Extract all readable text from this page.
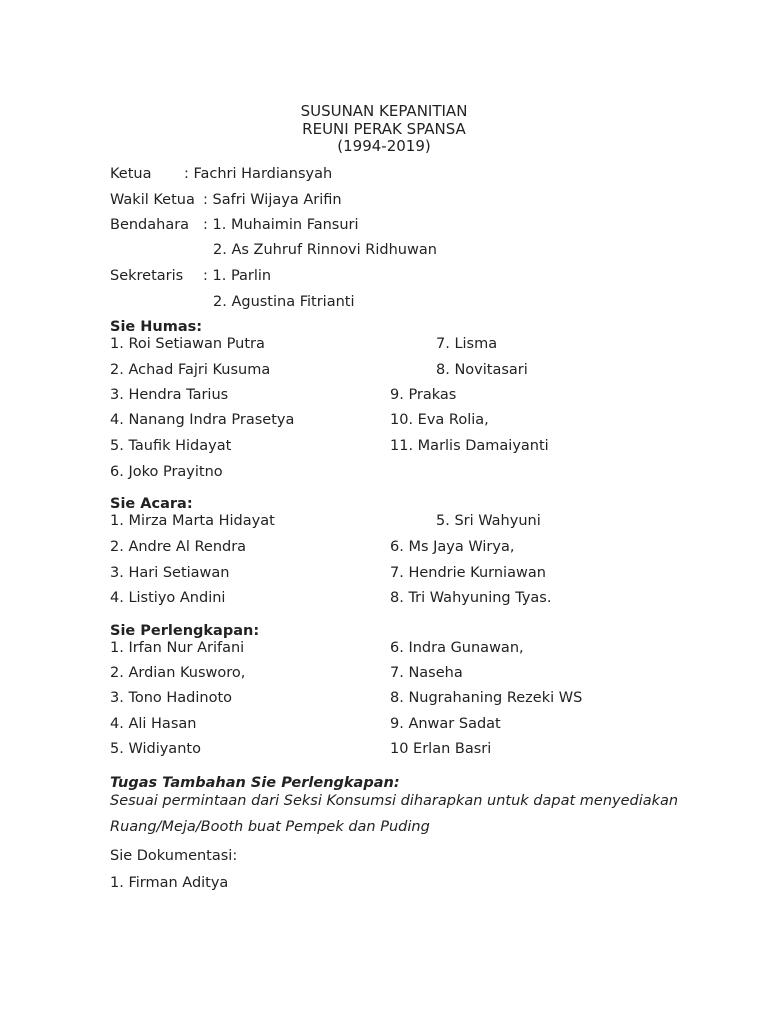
SUSUNAN KEPANITIAN
REUNI PERAK SPANSA
(1994-2019)
Ketua : Fachri Hardiansyah
Wakil Ketua : Safri Wijaya Arifin
Bendahara : 1. Muhaimin Fansuri
2. As Zuhruf Rinnovi Ridhuwan
Sekretaris : 1. Parlin
2. Agustina Fitrianti
Sie Humas:
1. Roi Setiawan Putra
2. Achad Fajri Kusuma
3. Hendra Tarius
4. Nanang Indra Prasetya
5. Taufik Hidayat
6. Joko Prayitno
7. Lisma
8. Novitasari
9. Prakas
10. Eva Rolia,
11. Marlis Damaiyanti
Sie Acara:
1. Mirza Marta Hidayat
2. Andre Al Rendra
3. Hari Setiawan
4. Listiyo Andini
5. Sri Wahyuni
6. Ms Jaya Wirya,
7. Hendrie Kurniawan
8. Tri Wahyuning Tyas.
Sie Perlengkapan:
1. Irfan Nur Arifani
2. Ardian Kusworo,
3. Tono Hadinoto
4. Ali Hasan
5. Widiyanto
6. Indra Gunawan,
7. Naseha
8. Nugrahaning Rezeki WS
9. Anwar Sadat
10 Erlan Basri
Tugas Tambahan Sie Perlengkapan:
Sesuai permintaan dari Seksi Konsumsi diharapkan untuk dapat menyediakan
Ruang/Meja/Booth buat Pempek dan Puding
Sie Dokumentasi:
1. Firman Aditya
